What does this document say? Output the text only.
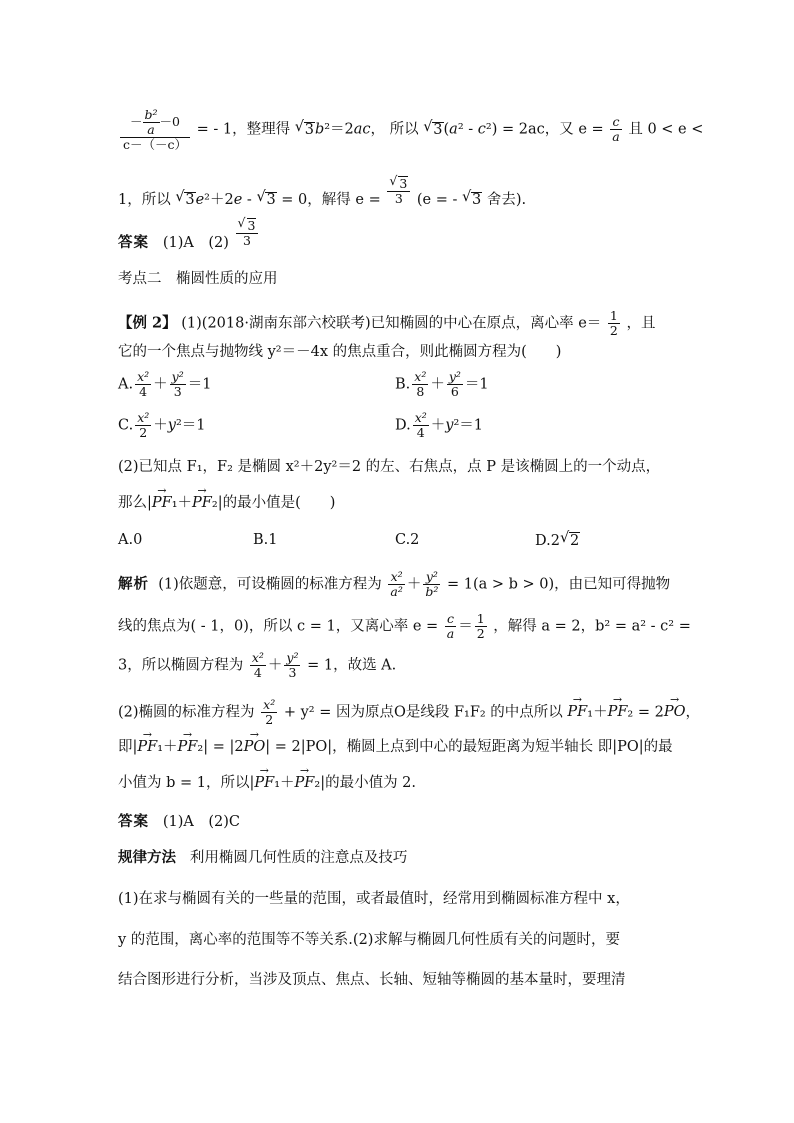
$\frac{- \frac{\text{b²}}{a} -0}{c-(-c)}$ = - 1，整理得 √ 3b²＝2ac， 所以 √ 3(a² - c²) = 2ac，又 $e = \frac{c}{a}$ 且 0 < e <
1，所以 √ 3e²＋2e - √ 3 = 0，解得 $e = \frac{√ 3}{3} (e$ = - √ 3 舍去).
答案 (1)A　$(2) \frac{√ 3}{3}$
考点二　椭圆性质的应用
【例 2】 (1)(2018·湖南东部六校联考)已知椭圆的中心在原点，离心率 $e= \frac{1}{2}$ ，且
它的一个焦点与抛物线 y²＝－4x 的焦点重合，则此椭圆方程为(　　)
A. $\frac{\text{x²}}{4} + \frac{\text{y²}}{3} =1$	B. $\frac{\text{x²}}{8} + \frac{\text{y²}}{6} =1$
C. $\frac{\text{x²}}{2} +y^2=1$	D. $\frac{\text{x²}}{4} +y^2=1$
(2)已知点 F₁，F₂ 是椭圆 x²＋2y²＝2 的左、右焦点，点 P 是该椭圆上的一个动点，
那么|PF →₁＋PF →₂|的最小值是(　　)
A.0	B.1	C.2	D.2 √ 2
解析 (1)依题意，可设椭圆的标准方程为 $\frac{\text{x²}}{\text{a²}} + \frac{\text{y²}}{\text{b²}} = 1(a > b > 0)$，由已知可得抛物
线的焦点为( - 1，0)，所以 c = 1，又离心率 $e = \frac{c}{a} = \frac{1}{2}$ ，解得 a = 2，b² = a² - c² =
3，所以椭圆方程为 $\frac{\text{x²}}{4} + \frac{\text{y²}}{3} = 1$，故选 A.
(2)椭圆的标准方程为 $\frac{\text{x²}}{2} + y^2$ = 因为原点O是线段 F₁F₂ 的中点所以 PF →₁＋PF →₂ = 2PO →，
即|PF →₁＋PF →₂| = |2PO →| = 2|PO|，椭圆上点到中心的最短距离为短半轴长 即|PO|的最
小值为 b = 1，所以|PF →₁＋PF →₂|的最小值为 2.
答案 (1)A　(2)C
规律方法 利用椭圆几何性质的注意点及技巧
(1)在求与椭圆有关的一些量的范围，或者最值时，经常用到椭圆标准方程中 x，
y 的范围，离心率的范围等不等关系.(2)求解与椭圆几何性质有关的问题时，要
结合图形进行分析，当涉及顶点、焦点、长轴、短轴等椭圆的基本量时，要理清
